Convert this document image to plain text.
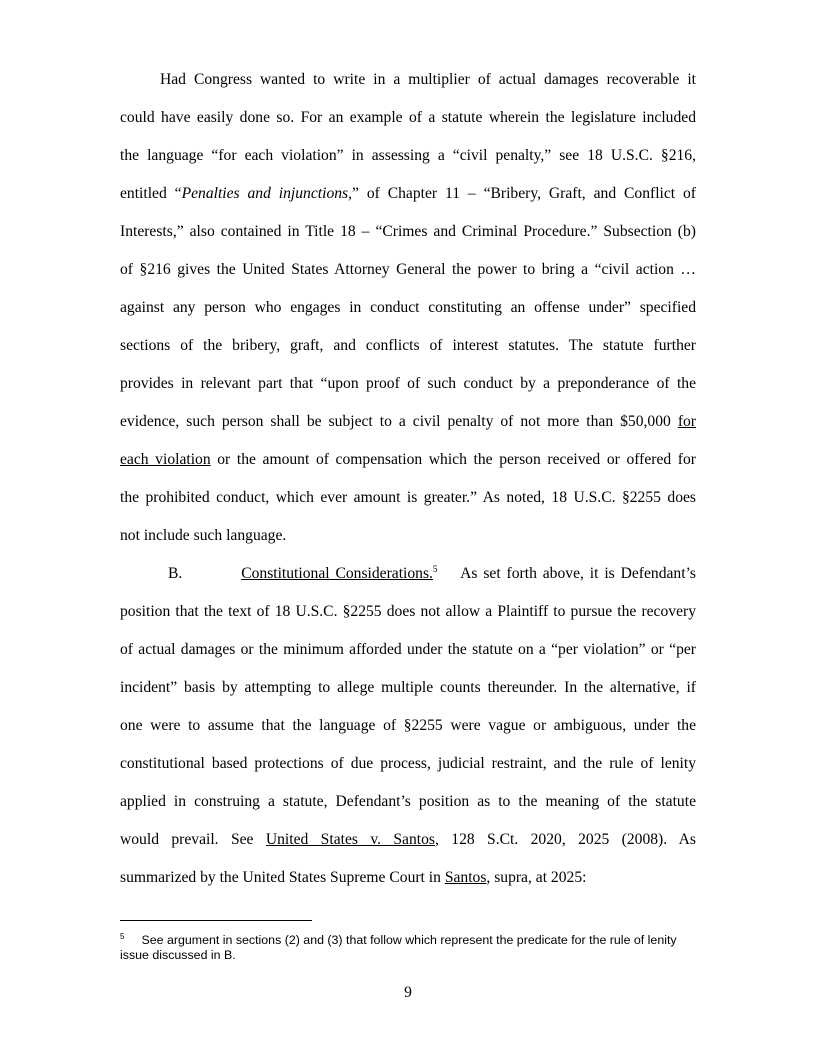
Had Congress wanted to write in a multiplier of actual damages recoverable it
could have easily done so. For an example of a statute wherein the legislature included
the language “for each violation” in assessing a “civil penalty,” see 18 U.S.C. §216,
entitled “Penalties and injunctions,” of Chapter 11 – “Bribery, Graft, and Conflict of
Interests,” also contained in Title 18 – “Crimes and Criminal Procedure.” Subsection (b)
of §216 gives the United States Attorney General the power to bring a “civil action …
against any person who engages in conduct constituting an offense under” specified
sections of the bribery, graft, and conflicts of interest statutes. The statute further
provides in relevant part that “upon proof of such conduct by a preponderance of the
evidence, such person shall be subject to a civil penalty of not more than $50,000 for
each violation or the amount of compensation which the person received or offered for
the prohibited conduct, which ever amount is greater.” As noted, 18 U.S.C. §2255 does
not include such language.
B.          Constitutional Considerations.$^5$    As set forth above, it is Defendant’s
position that the text of 18 U.S.C. §2255 does not allow a Plaintiff to pursue the recovery
of actual damages or the minimum afforded under the statute on a “per violation” or “per
incident” basis by attempting to allege multiple counts thereunder. In the alternative, if
one were to assume that the language of §2255 were vague or ambiguous, under the
constitutional based protections of due process, judicial restraint, and the rule of lenity
applied in construing a statute, Defendant’s position as to the meaning of the statute
would prevail. See United States v. Santos, 128 S.Ct. 2020, 2025 (2008). As
summarized by the United States Supreme Court in Santos, supra, at 2025:
$^5$ See argument in sections (2) and (3) that follow which represent the predicate for the rule of lenity issue discussed in B.
9
